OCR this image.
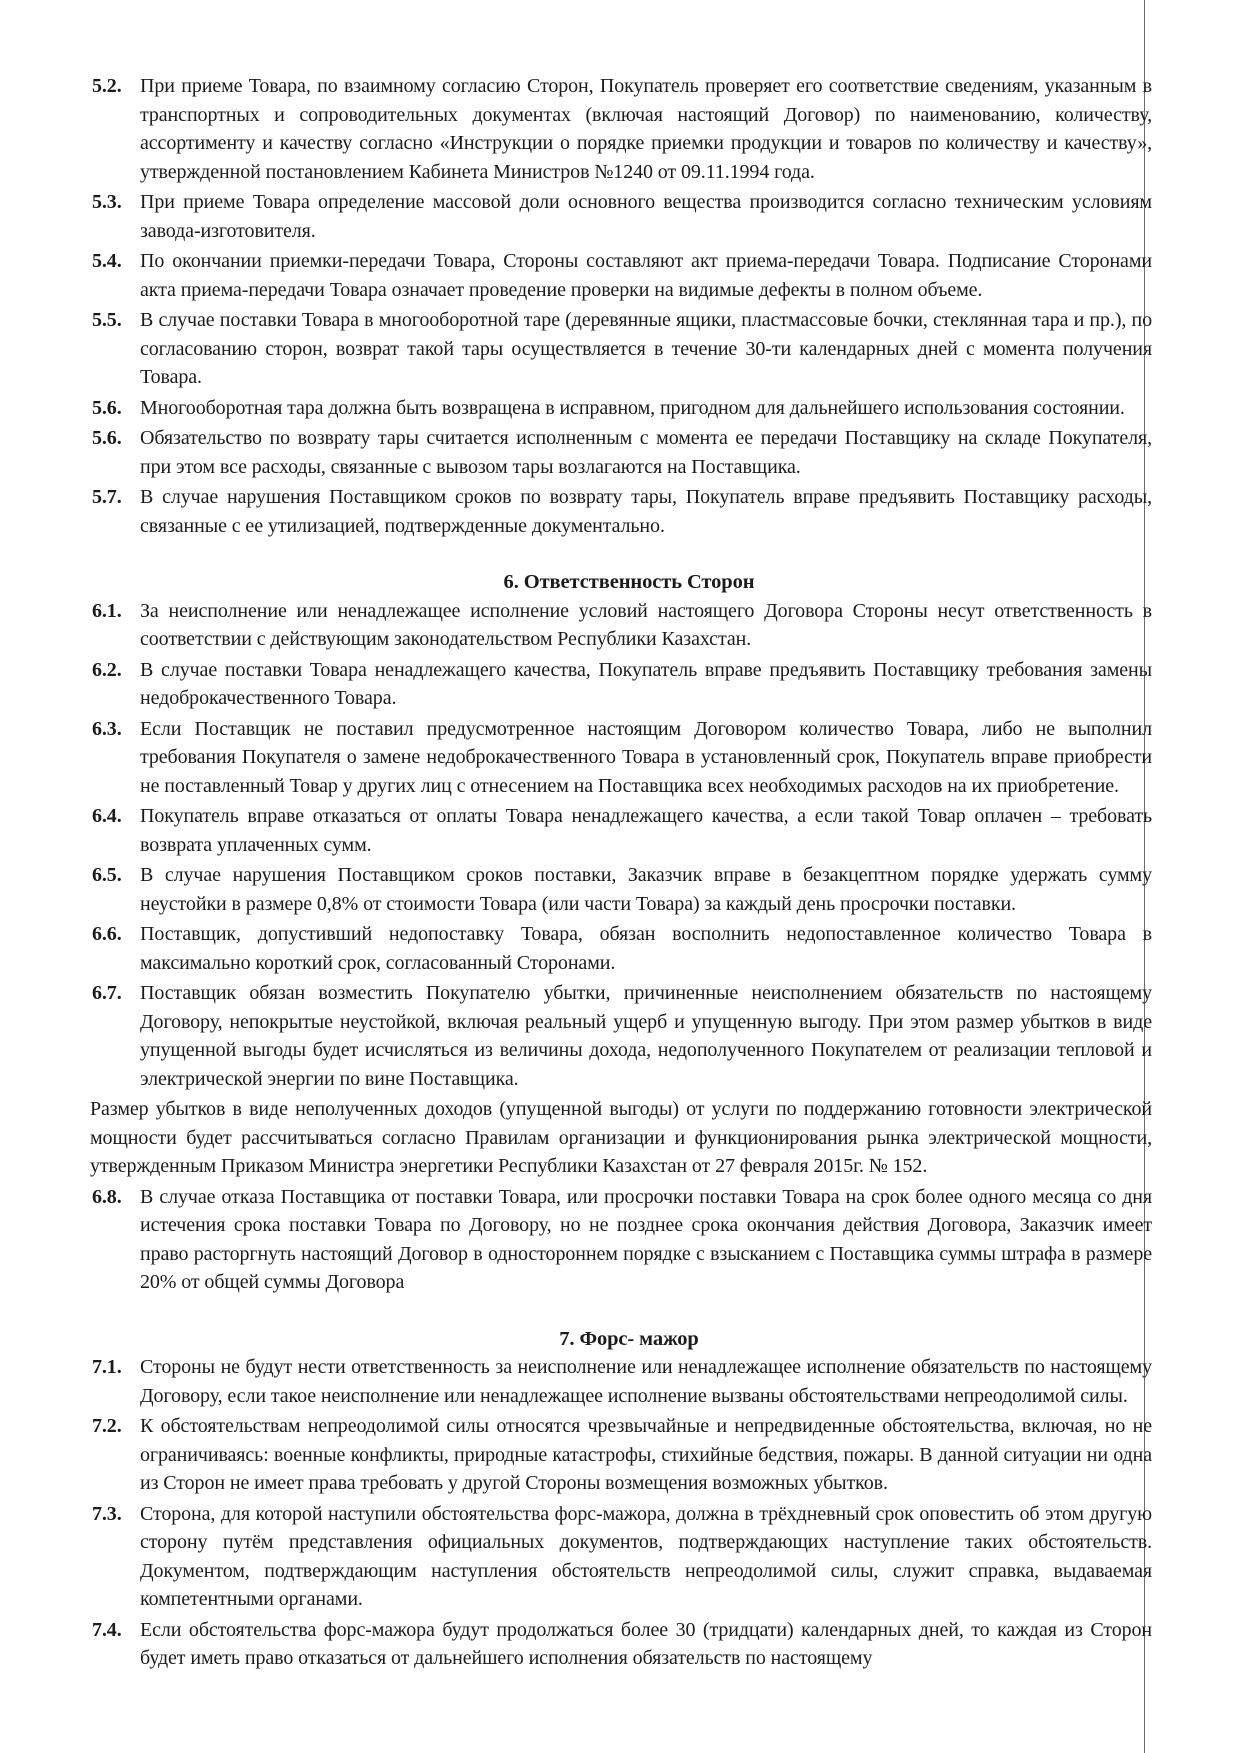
5.2. При приеме Товара, по взаимному согласию Сторон, Покупатель проверяет его соответствие сведениям, указанным в транспортных и сопроводительных документах (включая настоящий Договор) по наименованию, количеству, ассортименту и качеству согласно «Инструкции о порядке приемки продукции и товаров по количеству и качеству», утвержденной постановлением Кабинета Министров №1240 от 09.11.1994 года.
5.3. При приеме Товара определение массовой доли основного вещества производится согласно техническим условиям завода-изготовителя.
5.4. По окончании приемки-передачи Товара, Стороны составляют акт приема-передачи Товара. Подписание Сторонами акта приема-передачи Товара означает проведение проверки на видимые дефекты в полном объеме.
5.5. В случае поставки Товара в многооборотной таре (деревянные ящики, пластмассовые бочки, стеклянная тара и пр.), по согласованию сторон, возврат такой тары осуществляется в течение 30-ти календарных дней с момента получения Товара.
5.6. Многооборотная тара должна быть возвращена в исправном, пригодном для дальнейшего использования состоянии.
5.6. Обязательство по возврату тары считается исполненным с момента ее передачи Поставщику на складе Покупателя, при этом все расходы, связанные с вывозом тары возлагаются на Поставщика.
5.7. В случае нарушения Поставщиком сроков по возврату тары, Покупатель вправе предъявить Поставщику расходы, связанные с ее утилизацией, подтвержденные документально.
6. Ответственность Сторон
6.1. За неисполнение или ненадлежащее исполнение условий настоящего Договора Стороны несут ответственность в соответствии с действующим законодательством Республики Казахстан.
6.2. В случае поставки Товара ненадлежащего качества, Покупатель вправе предъявить Поставщику требования замены недоброкачественного Товара.
6.3. Если Поставщик не поставил предусмотренное настоящим Договором количество Товара, либо не выполнил требования Покупателя о замене недоброкачественного Товара в установленный срок, Покупатель вправе приобрести не поставленный Товар у других лиц с отнесением на Поставщика всех необходимых расходов на их приобретение.
6.4. Покупатель вправе отказаться от оплаты Товара ненадлежащего качества, а если такой Товар оплачен – требовать возврата уплаченных сумм.
6.5. В случае нарушения Поставщиком сроков поставки, Заказчик вправе в безакцептном порядке удержать сумму неустойки в размере 0,8% от стоимости Товара (или части Товара) за каждый день просрочки поставки.
6.6. Поставщик, допустивший недопоставку Товара, обязан восполнить недопоставленное количество Товара в максимально короткий срок, согласованный Сторонами.
6.7. Поставщик обязан возместить Покупателю убытки, причиненные неисполнением обязательств по настоящему Договору, непокрытые неустойкой, включая реальный ущерб и упущенную выгоду. При этом размер убытков в виде упущенной выгоды будет исчисляться из величины дохода, недополученного Покупателем от реализации тепловой и электрической энергии по вине Поставщика.
Размер убытков в виде неполученных доходов (упущенной выгоды) от услуги по поддержанию готовности электрической мощности будет рассчитываться согласно Правилам организации и функционирования рынка электрической мощности, утвержденным Приказом Министра энергетики Республики Казахстан от 27 февраля 2015г. № 152.
6.8. В случае отказа Поставщика от поставки Товара, или просрочки поставки Товара на срок более одного месяца со дня истечения срока поставки Товара по Договору, но не позднее срока окончания действия Договора, Заказчик имеет право расторгнуть настоящий Договор в одностороннем порядке с взысканием с Поставщика суммы штрафа в размере 20% от общей суммы Договора
7. Форс- мажор
7.1. Стороны не будут нести ответственность за неисполнение или ненадлежащее исполнение обязательств по настоящему Договору, если такое неисполнение или ненадлежащее исполнение вызваны обстоятельствами непреодолимой силы.
7.2. К обстоятельствам непреодолимой силы относятся чрезвычайные и непредвиденные обстоятельства, включая, но не ограничиваясь: военные конфликты, природные катастрофы, стихийные бедствия, пожары. В данной ситуации ни одна из Сторон не имеет права требовать у другой Стороны возмещения возможных убытков.
7.3. Сторона, для которой наступили обстоятельства форс-мажора, должна в трёхдневный срок оповестить об этом другую сторону путём представления официальных документов, подтверждающих наступление таких обстоятельств. Документом, подтверждающим наступления обстоятельств непреодолимой силы, служит справка, выдаваемая компетентными органами.
7.4. Если обстоятельства форс-мажора будут продолжаться более 30 (тридцати) календарных дней, то каждая из Сторон будет иметь право отказаться от дальнейшего исполнения обязательств по настоящему
